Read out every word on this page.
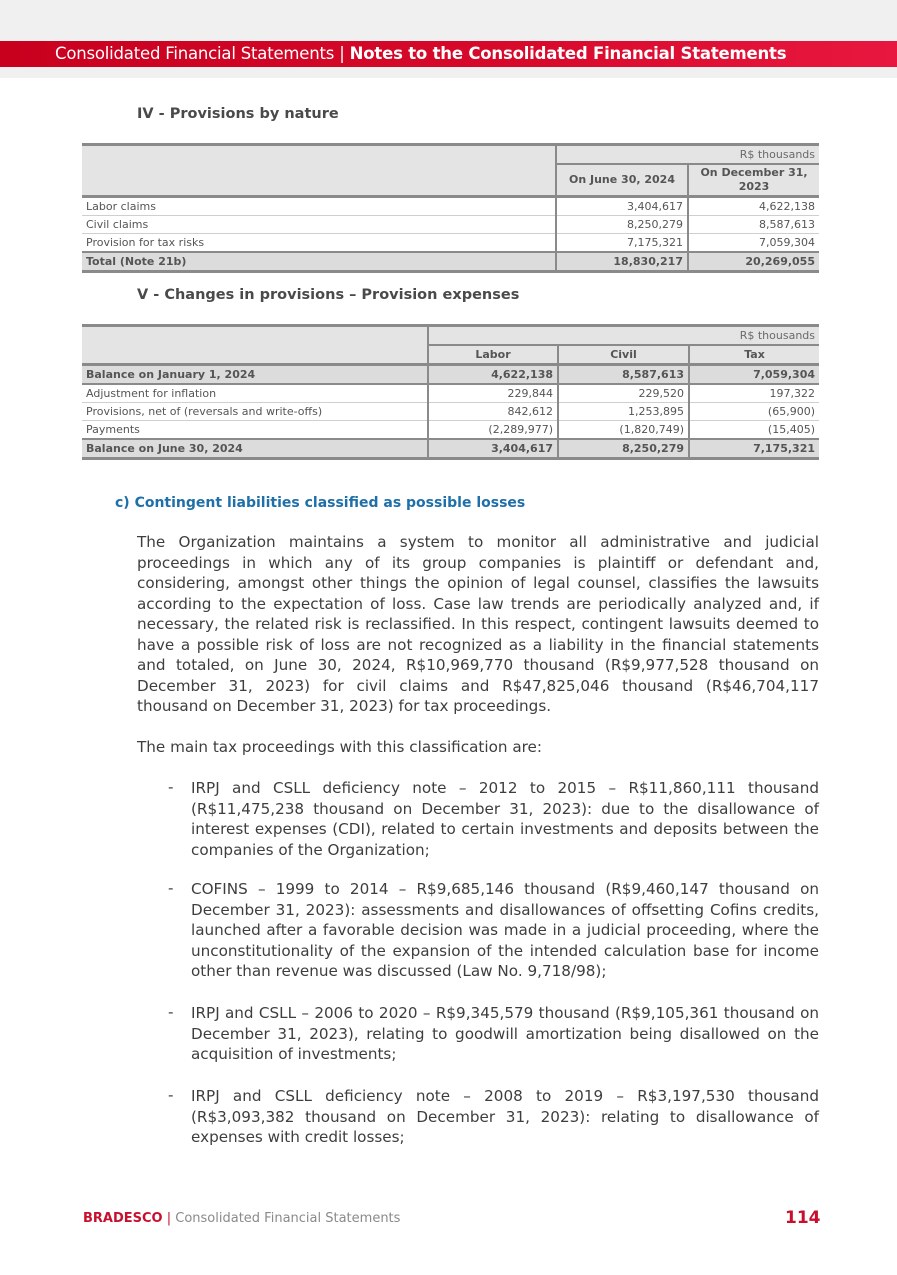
Consolidated Financial Statements | Notes to the Consolidated Financial Statements
IV - Provisions by nature
	R$ thousands	
	On June 30, 2024	On December 31, 2023
Labor claims	3,404,617	4,622,138
Civil claims	8,250,279	8,587,613
Provision for tax risks	7,175,321	7,059,304
Total (Note 21b)	18,830,217	20,269,055
V - Changes in provisions – Provision expenses
	R$ thousands		
	Labor	Civil	Tax
Balance on January 1, 2024	4,622,138	8,587,613	7,059,304
Adjustment for inflation	229,844	229,520	197,322
Provisions, net of (reversals and write-offs)	842,612	1,253,895	(65,900)
Payments	(2,289,977)	(1,820,749)	(15,405)
Balance on June 30, 2024	3,404,617	8,250,279	7,175,321
c) Contingent liabilities classified as possible losses
The Organization maintains a system to monitor all administrative and judicial proceedings in which any of its group companies is plaintiff or defendant and, considering, amongst other things the opinion of legal counsel, classifies the lawsuits according to the expectation of loss. Case law trends are periodically analyzed and, if necessary, the related risk is reclassified. In this respect, contingent lawsuits deemed to have a possible risk of loss are not recognized as a liability in the financial statements and totaled, on June 30, 2024, R$10,969,770 thousand (R$9,977,528 thousand on December 31, 2023) for civil claims and R$47,825,046 thousand (R$46,704,117 thousand on December 31, 2023) for tax proceedings.
The main tax proceedings with this classification are:
- IRPJ and CSLL deficiency note – 2012 to 2015 – R$11,860,111 thousand (R$11,475,238 thousand on December 31, 2023): due to the disallowance of interest expenses (CDI), related to certain investments and deposits between the companies of the Organization;
- COFINS – 1999 to 2014 – R$9,685,146 thousand (R$9,460,147 thousand on December 31, 2023): assessments and disallowances of offsetting Cofins credits, launched after a favorable decision was made in a judicial proceeding, where the unconstitutionality of the expansion of the intended calculation base for income other than revenue was discussed (Law No. 9,718/98);
- IRPJ and CSLL – 2006 to 2020 – R$9,345,579 thousand (R$9,105,361 thousand on December 31, 2023), relating to goodwill amortization being disallowed on the acquisition of investments;
- IRPJ and CSLL deficiency note – 2008 to 2019 – R$3,197,530 thousand (R$3,093,382 thousand on December 31, 2023): relating to disallowance of expenses with credit losses;
BRADESCO | Consolidated Financial Statements	114
